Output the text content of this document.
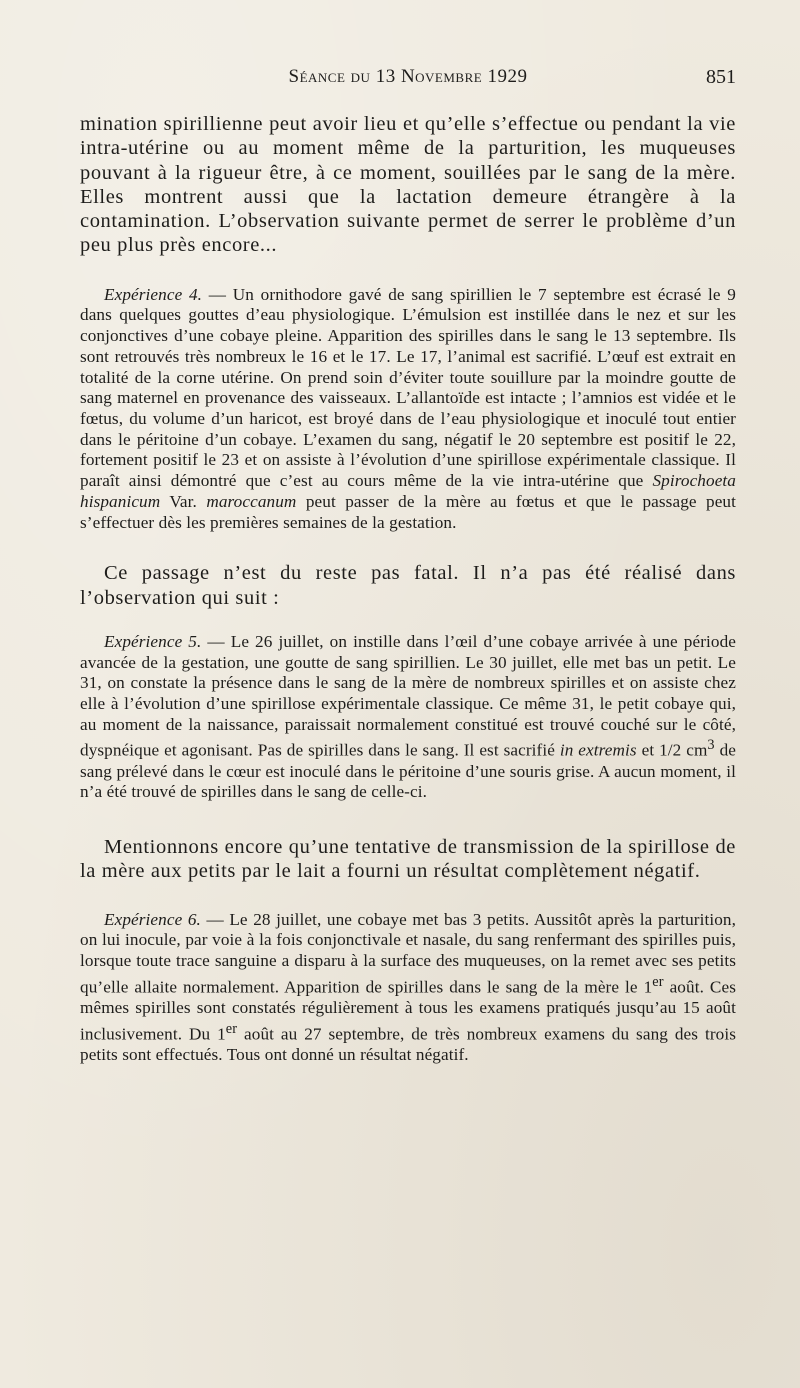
Séance du 13 Novembre 1929	851

mination spirillienne peut avoir lieu et qu’elle s’effectue ou pendant la vie intra-utérine ou au moment même de la parturition, les muqueuses pouvant à la rigueur être, à ce moment, souillées par le sang de la mère. Elles montrent aussi que la lactation demeure étrangère à la contamination. L’observation suivante permet de serrer le problème d’un peu plus près encore...

Expérience 4. — Un ornithodore gavé de sang spirillien le 7 septembre est écrasé le 9 dans quelques gouttes d’eau physiologique. L’émulsion est instillée dans le nez et sur les conjonctives d’une cobaye pleine. Apparition des spirilles dans le sang le 13 septembre. Ils sont retrouvés très nombreux le 16 et le 17. Le 17, l’animal est sacrifié. L’œuf est extrait en totalité de la corne utérine. On prend soin d’éviter toute souillure par la moindre goutte de sang maternel en provenance des vaisseaux. L’allantoïde est intacte ; l’amnios est vidée et le fœtus, du volume d’un haricot, est broyé dans de l’eau physiologique et inoculé tout entier dans le péritoine d’un cobaye. L’examen du sang, négatif le 20 septembre est positif le 22, fortement positif le 23 et on assiste à l’évolution d’une spirillose expérimentale classique. Il paraît ainsi démontré que c’est au cours même de la vie intra-utérine que Spirochoeta hispanicum Var. maroccanum peut passer de la mère au fœtus et que le passage peut s’effectuer dès les premières semaines de la gestation.

Ce passage n’est du reste pas fatal. Il n’a pas été réalisé dans l’observation qui suit :

Expérience 5. — Le 26 juillet, on instille dans l’œil d’une cobaye arrivée à une période avancée de la gestation, une goutte de sang spirillien. Le 30 juillet, elle met bas un petit. Le 31, on constate la présence dans le sang de la mère de nombreux spirilles et on assiste chez elle à l’évolution d’une spirillose expérimentale classique. Ce même 31, le petit cobaye qui, au moment de la naissance, paraissait normalement constitué est trouvé couché sur le côté, dyspnéique et agonisant. Pas de spirilles dans le sang. Il est sacrifié in extremis et 1/2 $cm^3$ de sang prélevé dans le cœur est inoculé dans le péritoine d’une souris grise. A aucun moment, il n’a été trouvé de spirilles dans le sang de celle-ci.

Mentionnons encore qu’une tentative de transmission de la spirillose de la mère aux petits par le lait a fourni un résultat complètement négatif.

Expérience 6. — Le 28 juillet, une cobaye met bas 3 petits. Aussitôt après la parturition, on lui inocule, par voie à la fois conjonctivale et nasale, du sang renfermant des spirilles puis, lorsque toute trace sanguine a disparu à la surface des muqueuses, on la remet avec ses petits qu’elle allaite normalement. Apparition de spirilles dans le sang de la mère le 1er août. Ces mêmes spirilles sont constatés régulièrement à tous les examens pratiqués jusqu’au 15 août inclusivement. Du 1er août au 27 septembre, de très nombreux examens du sang des trois petits sont effectués. Tous ont donné un résultat négatif.
